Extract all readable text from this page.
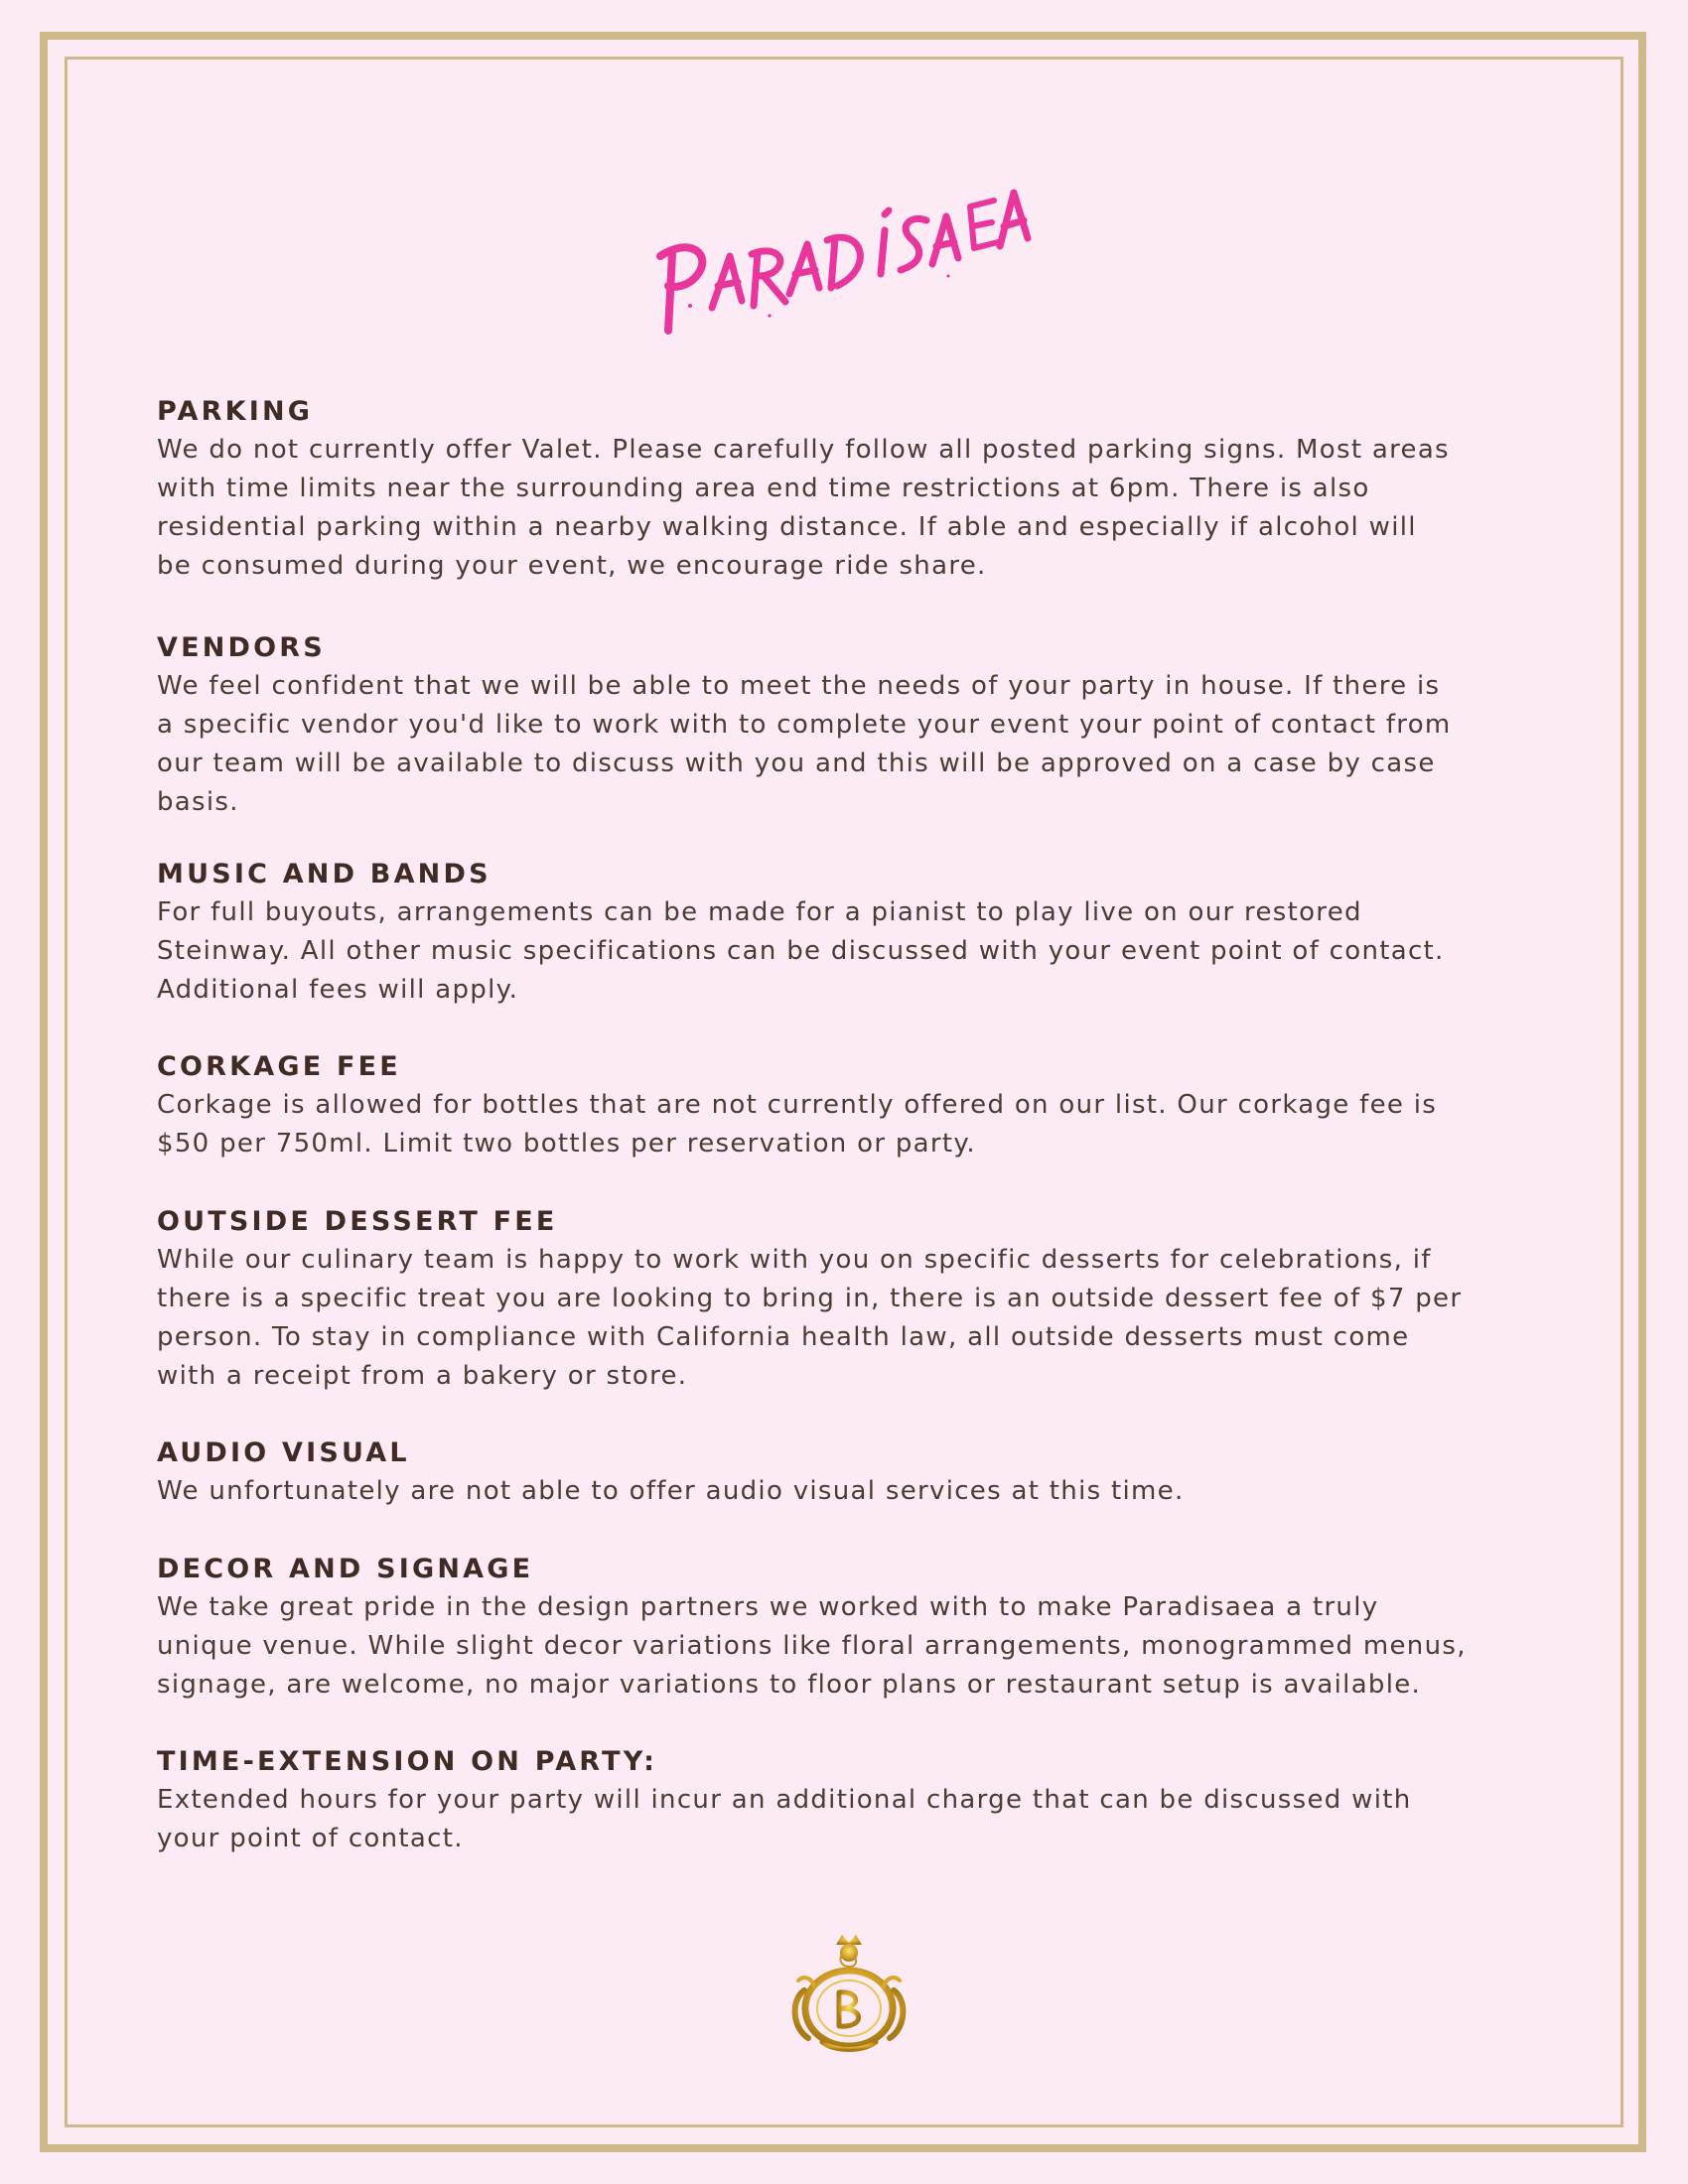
PARKING

We do not currently offer Valet. Please carefully follow all posted parking signs. Most areas
with time limits near the surrounding area end time restrictions at 6pm. There is also
residential parking within a nearby walking distance. If able and especially if alcohol will
be consumed during your event, we encourage ride share.

VENDORS

We feel confident that we will be able to meet the needs of your party in house. If there is
a specific vendor you'd like to work with to complete your event your point of contact from
our team will be available to discuss with you and this will be approved on a case by case
basis.

MUSIC AND BANDS

For full buyouts, arrangements can be made for a pianist to play live on our restored
Steinway. All other music specifications can be discussed with your event point of contact.
Additional fees will apply.

CORKAGE FEE

Corkage is allowed for bottles that are not currently offered on our list. Our corkage fee is
$50 per 750ml. Limit two bottles per reservation or party.

OUTSIDE DESSERT FEE

While our culinary team is happy to work with you on specific desserts for celebrations, if
there is a specific treat you are looking to bring in, there is an outside dessert fee of $7 per
person. To stay in compliance with California health law, all outside desserts must come
with a receipt from a bakery or store.

AUDIO VISUAL

We unfortunately are not able to offer audio visual services at this time.

DECOR AND SIGNAGE

We take great pride in the design partners we worked with to make Paradisaea a truly
unique venue. While slight decor variations like floral arrangements, monogrammed menus,
signage, are welcome, no major variations to floor plans or restaurant setup is available.

TIME-EXTENSION ON PARTY:

Extended hours for your party will incur an additional charge that can be discussed with
your point of contact.
